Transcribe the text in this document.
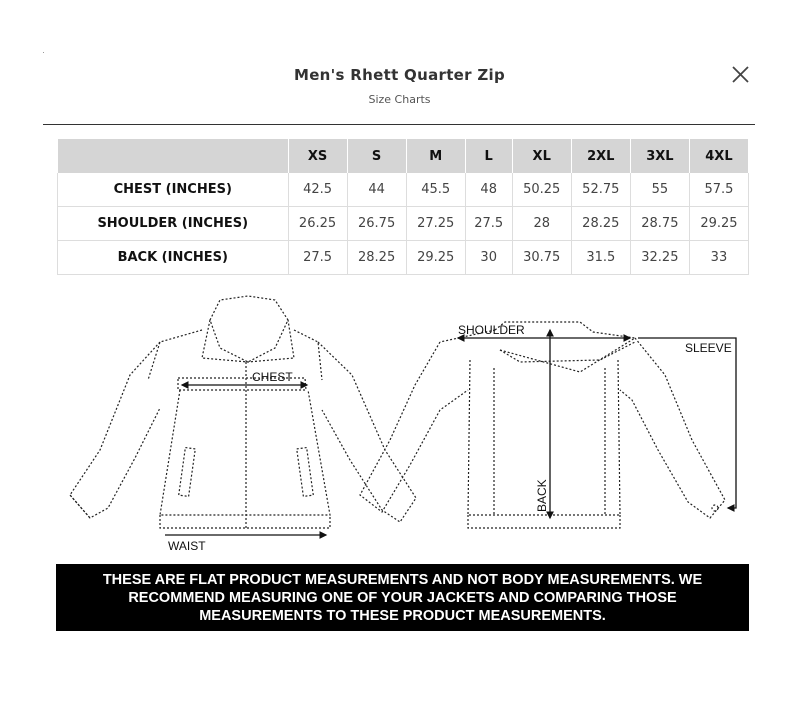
Men's Rhett Quarter Zip
Size Charts
	XS	S	M	L	XL	2XL	3XL	4XL
CHEST (INCHES)	42.5	44	45.5	48	50.25	52.75	55	57.5
SHOULDER (INCHES)	26.25	26.75	27.25	27.5	28	28.25	28.75	29.25
BACK (INCHES)	27.5	28.25	29.25	30	30.75	31.5	32.25	33
CHEST
WAIST
SHOULDER
BACK
SLEEVE
THESE ARE FLAT PRODUCT MEASUREMENTS AND NOT BODY MEASUREMENTS. WE RECOMMEND MEASURING ONE OF YOUR JACKETS AND COMPARING THOSE MEASUREMENTS TO THESE PRODUCT MEASUREMENTS.
